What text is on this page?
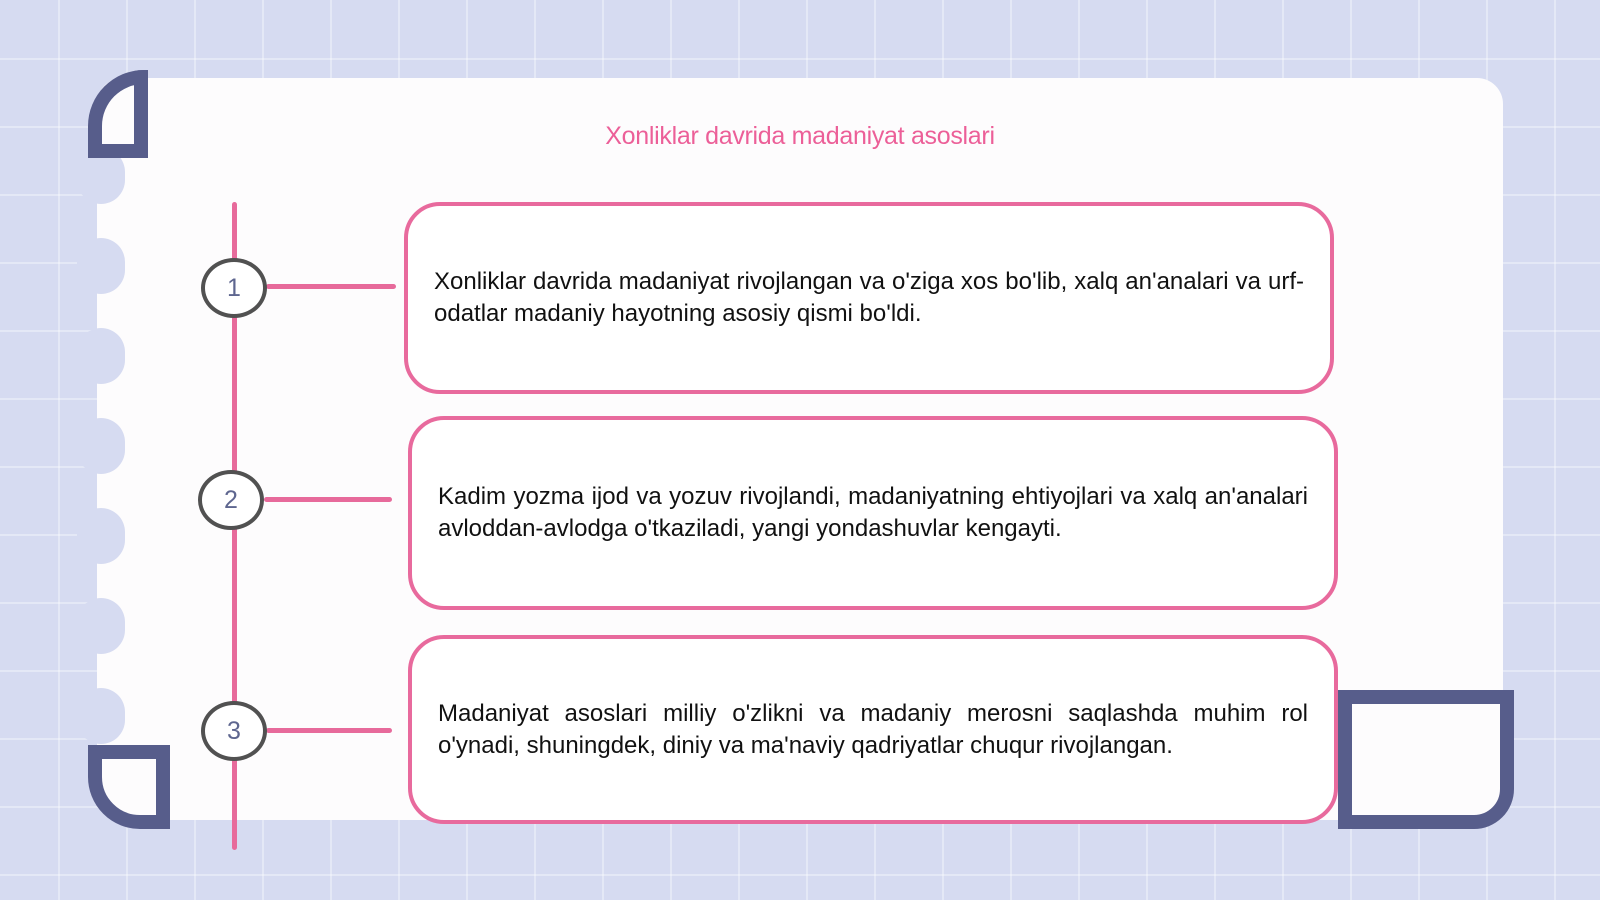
Xonliklar davrida madaniyat asoslari
1	Xonliklar davrida madaniyat rivojlangan va o'ziga xos bo'lib, xalq an'analari va urf-odatlar madaniy hayotning asosiy qismi bo'ldi.

2	Kadim yozma ijod va yozuv rivojlandi, madaniyatning ehtiyojlari va xalq an'analari avloddan-avlodga o'tkaziladi, yangi yondashuvlar kengayti.

3

Madaniyat asoslari milliy o'zlikni va madaniy merosni saqlashda muhim rol o'ynadi, shuningdek, diniy va ma'naviy qadriyatlar chuqur rivojlangan.
